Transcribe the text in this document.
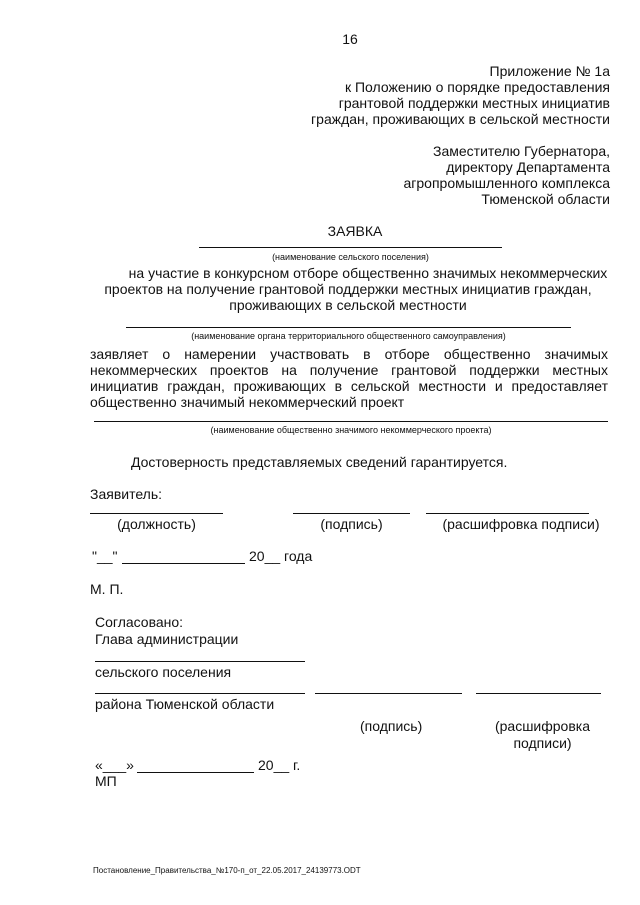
16
Приложение № 1а
к Положению о порядке предоставления
грантовой поддержки местных инициатив
граждан, проживающих в сельской местности
Заместителю Губернатора,
директору Департамента
агропромышленного комплекса
Тюменской области
ЗАЯВКА
(наименование сельского поселения)
на участие в конкурсном отборе общественно значимых некоммерческих
проектов на получение грантовой поддержки местных инициатив граждан,
проживающих в сельской местности
(наименование органа территориального общественного самоуправления)
заявляет о намерении участвовать в отборе общественно значимых
некоммерческих проектов на получение грантовой поддержки местных
инициатив граждан, проживающих в сельской местности и предоставляет
общественно значимый некоммерческий проект
(наименование общественно значимого некоммерческого проекта)
Достоверность представляемых сведений гарантируется.
Заявитель:
(должность)	(подпись)	(расшифровка подписи)
"__"	20__ года
М. П.
Согласовано:
Глава администрации
сельского поселения
района Тюменской области
(подпись)	(расшифровка
подписи)
«___»	20__ г.
МП
Постановление_Правительства_№170-п_от_22.05.2017_24139773.ODT
